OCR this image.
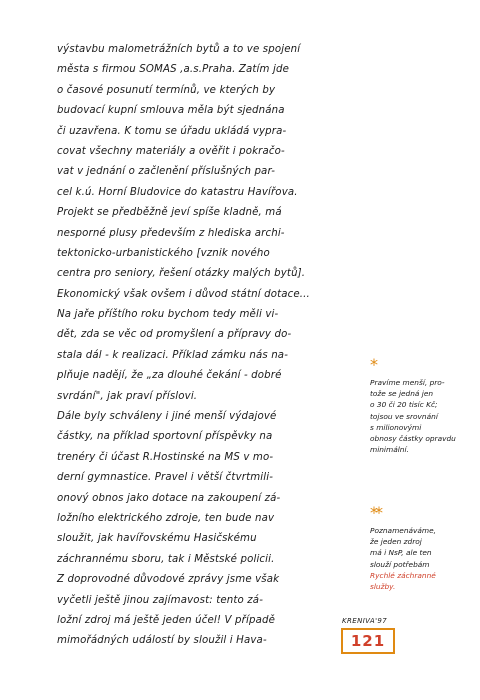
výstavbu malometrážních bytů a to ve spojení
města s firmou SOMAS ,a.s.Praha. Zatím jde
o časové posunutí termínů, ve kterých by
budovací kupní smlouva měla být sjednána
či uzavřena. K tomu se úřadu ukládá vypra-
covat všechny materiály a ověřit i pokračo-
vat v jednání o začlenění příslušných par-
cel k.ú. Horní Bludovice do katastru Havířova.
Projekt se předběžně jeví spíše kladně, má
nesporné plusy především z hlediska archi-
tektonicko-urbanistického [vznik nového
centra pro seniory, řešení otázky malých bytů].
Ekonomický však ovšem i důvod státní dotace...
Na jaře příštího roku bychom tedy měli vi-
dět, zda se věc od promyšlení a přípravy do-
stala dál - k realizaci. Příklad zámku nás na-
plňuje nadějí, že „za dlouhé čekání - dobré
svrdání", jak praví příslovi.
Dále byly schváleny i jiné menší výdajové
částky, na příklad sportovní příspěvky na
trenéry či účast R.Hostinské na MS v mo-
derní gymnastice. Pravel i větší čtvrtmili-
onový obnos jako dotace na zakoupení zá-
ložního elektrického zdroje, ten bude nav
sloužit, jak havířovskému Hasičskému
záchrannému sboru, tak i Městské policii.
Z doprovodné důvodové zprávy jsme však
vyčetli ještě jinou zajímavost: tento zá-
ložní zdroj má ještě jeden účel! V případě
mimořádných událostí by sloužil i Hava-
*
Pravíme menší, pro-
tože se jedná jen
o 30 či 20 tisíc Kč;
tojsou ve srovnání
s milionovými
obnosy částky opravdu
minimální.
**
Poznamenáváme,
že jeden zdroj
má i NsP, ale ten
slouží potřebám
Rychlé záchranné
služby.
KRENIVA'97
121
